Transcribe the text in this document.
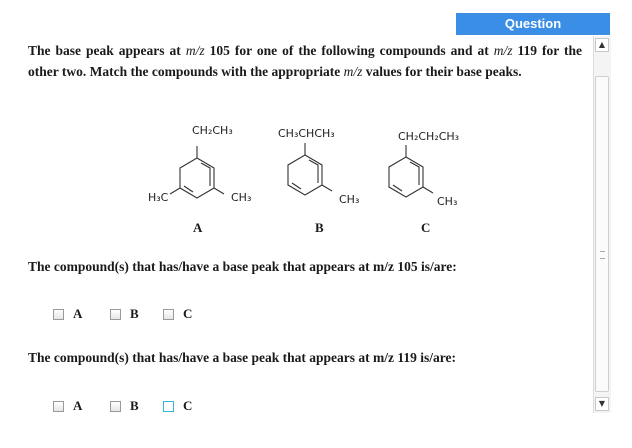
Question
▲
▼
The base peak appears at m/z 105 for one of the following compounds and at m/z 119 for the other two. Match the compounds with the appropriate m/z values for their base peaks.
CH₂CH₃
H₃C	CH₃
A
CH₃CHCH₃
CH₃
B
CH₂CH₂CH₃
CH₃
C
The compound(s) that has/have a base peak that appears at m/z 105 is/are:
A	B	C
The compound(s) that has/have a base peak that appears at m/z 119 is/are:
A	B	C
